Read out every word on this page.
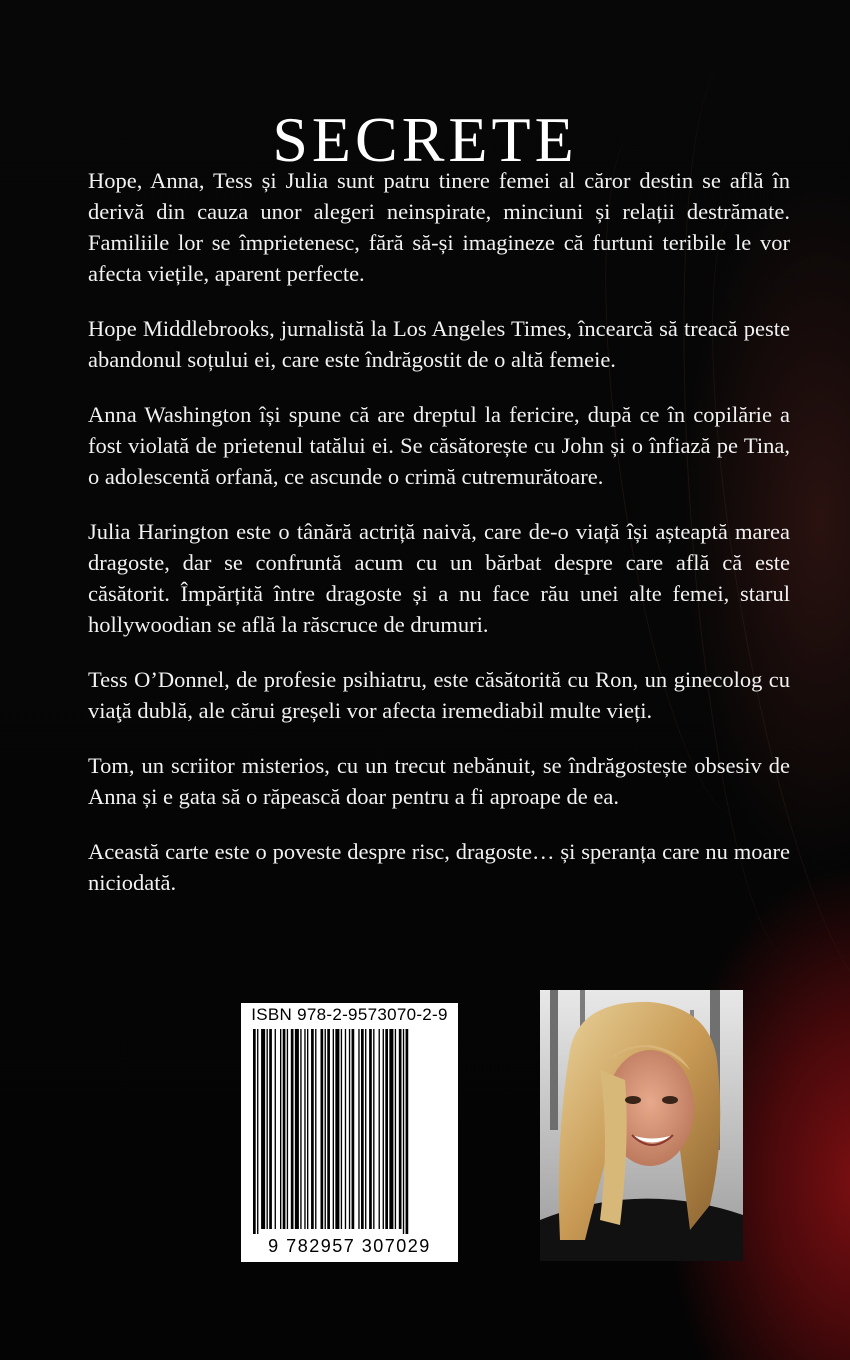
SECRETE

Hope, Anna, Tess și Julia sunt patru tinere femei al căror destin se află în derivă din cauza unor alegeri neinspirate, minciuni și relații destrămate. Familiile lor se împrietenesc, fără să-și imagineze că furtuni teribile le vor afecta viețile, aparent perfecte.

Hope Middlebrooks, jurnalistă la Los Angeles Times, încearcă să treacă peste abandonul soțului ei, care este îndrăgostit de o altă femeie.

Anna Washington își spune că are dreptul la fericire, după ce în copilărie a fost violată de prietenul tatălui ei. Se căsătorește cu John și o înfiază pe Tina, o adolescentă orfană, ce ascunde o crimă cutremurătoare.

Julia Harington este o tânără actriță naivă, care de-o viață își așteaptă marea dragoste, dar se confruntă acum cu un bărbat despre care află că este căsătorit. Împărțită între dragoste și a nu face rău unei alte femei, starul hollywoodian se află la răscruce de drumuri.

Tess O’Donnel, de profesie psihiatru, este căsătorită cu Ron, un ginecolog cu viaţă dublă, ale cărui greșeli vor afecta iremediabil multe vieți.

Tom, un scriitor misterios, cu un trecut nebănuit, se îndrăgostește obsesiv de Anna și e gata să o răpească doar pentru a fi aproape de ea.

Această carte este o poveste despre risc, dragoste… și speranța care nu moare niciodată.

ISBN 978-2-9573070-2-9
9 782957 307029
